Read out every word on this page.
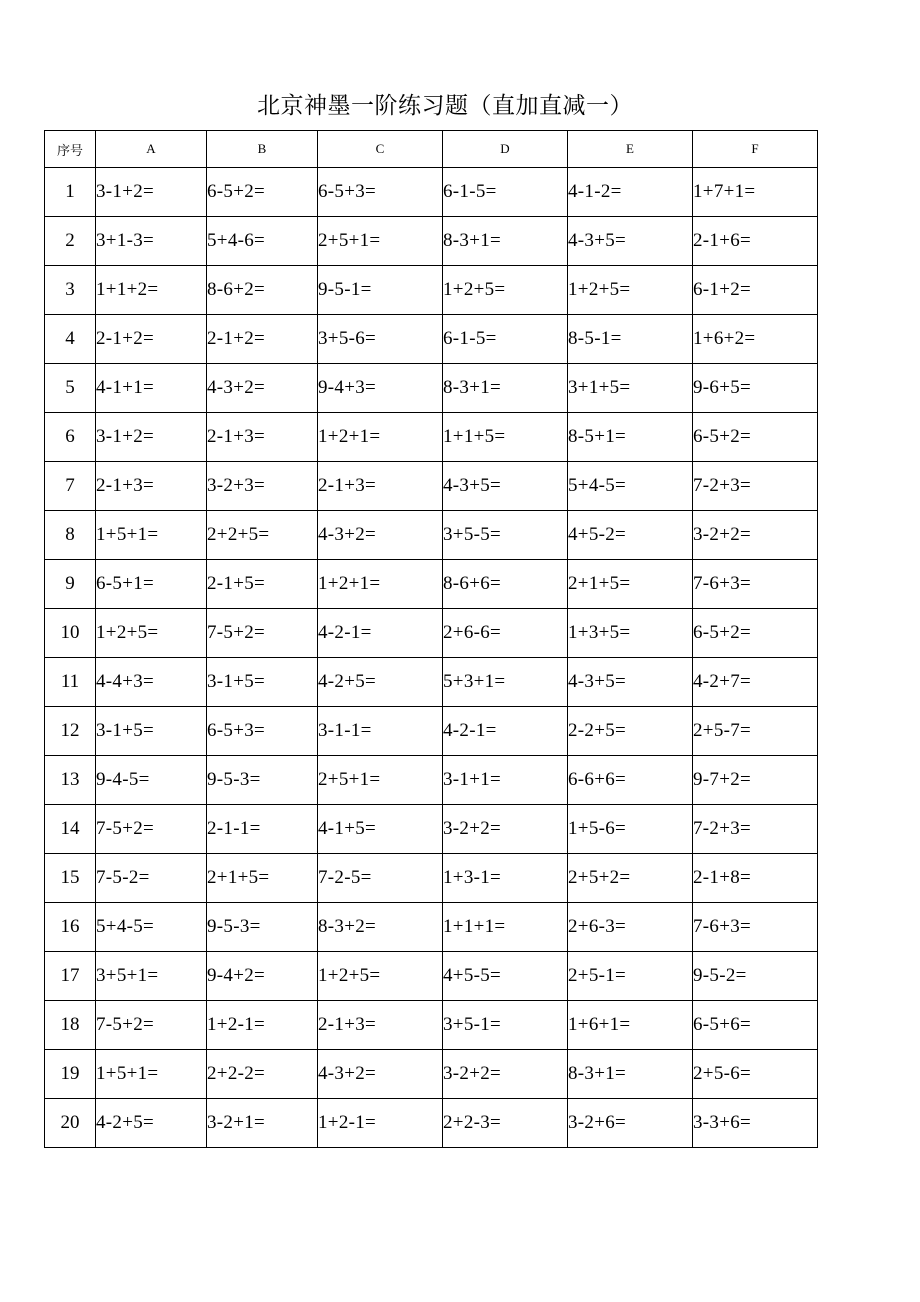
北京神墨一阶练习题（直加直减一）
序号	A	B	C	D	E	F
1	3-1+2=	6-5+2=	6-5+3=	6-1-5=	4-1-2=	1+7+1=
2	3+1-3=	5+4-6=	2+5+1=	8-3+1=	4-3+5=	2-1+6=
3	1+1+2=	8-6+2=	9-5-1=	1+2+5=	1+2+5=	6-1+2=
4	2-1+2=	2-1+2=	3+5-6=	6-1-5=	8-5-1=	1+6+2=
5	4-1+1=	4-3+2=	9-4+3=	8-3+1=	3+1+5=	9-6+5=
6	3-1+2=	2-1+3=	1+2+1=	1+1+5=	8-5+1=	6-5+2=
7	2-1+3=	3-2+3=	2-1+3=	4-3+5=	5+4-5=	7-2+3=
8	1+5+1=	2+2+5=	4-3+2=	3+5-5=	4+5-2=	3-2+2=
9	6-5+1=	2-1+5=	1+2+1=	8-6+6=	2+1+5=	7-6+3=
10	1+2+5=	7-5+2=	4-2-1=	2+6-6=	1+3+5=	6-5+2=
11	4-4+3=	3-1+5=	4-2+5=	5+3+1=	4-3+5=	4-2+7=
12	3-1+5=	6-5+3=	3-1-1=	4-2-1=	2-2+5=	2+5-7=
13	9-4-5=	9-5-3=	2+5+1=	3-1+1=	6-6+6=	9-7+2=
14	7-5+2=	2-1-1=	4-1+5=	3-2+2=	1+5-6=	7-2+3=
15	7-5-2=	2+1+5=	7-2-5=	1+3-1=	2+5+2=	2-1+8=
16	5+4-5=	9-5-3=	8-3+2=	1+1+1=	2+6-3=	7-6+3=
17	3+5+1=	9-4+2=	1+2+5=	4+5-5=	2+5-1=	9-5-2=
18	7-5+2=	1+2-1=	2-1+3=	3+5-1=	1+6+1=	6-5+6=
19	1+5+1=	2+2-2=	4-3+2=	3-2+2=	8-3+1=	2+5-6=
20	4-2+5=	3-2+1=	1+2-1=	2+2-3=	3-2+6=	3-3+6=
